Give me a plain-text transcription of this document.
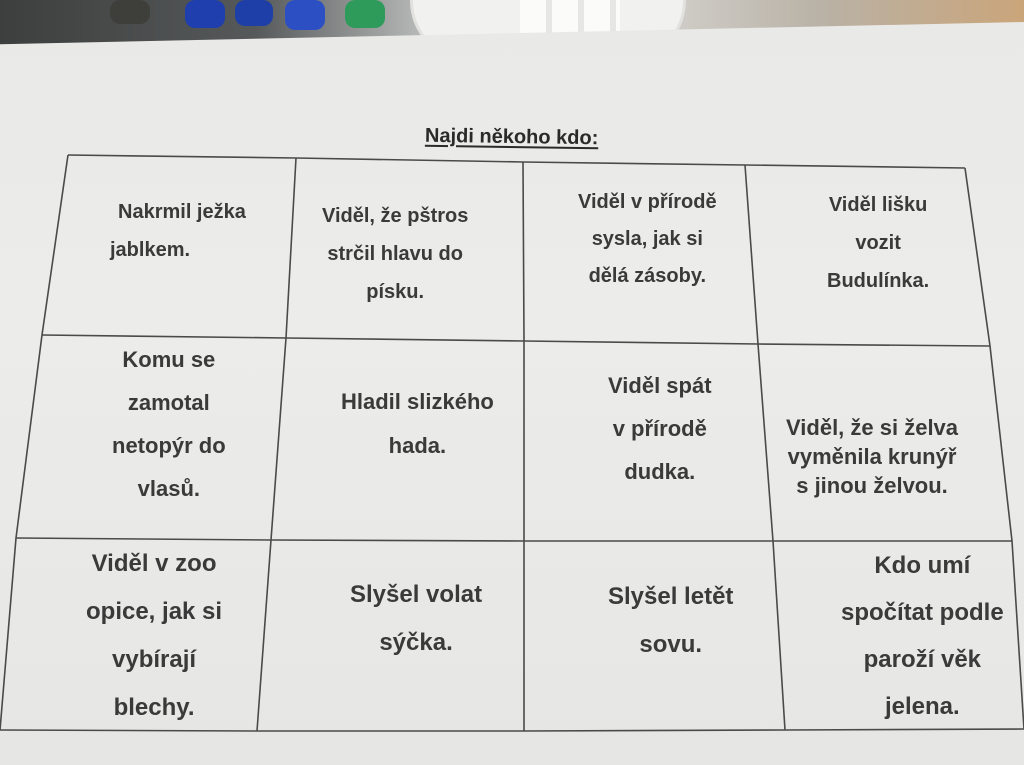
Najdi někoho kdo:
Nakrmil ježka
jablkem.
Viděl, že pštros
strčil hlavu do
písku.
Viděl v přírodě
sysla, jak si
dělá zásoby.
Viděl lišku
vozit
Budulínka.
Komu se
zamotal
netopýr do
vlasů.
Hladil slizkého
hada.
Viděl spát
v přírodě
dudka.
Viděl, že si želva
vyměnila krunýř
s jinou želvou.
Viděl v zoo
opice, jak si
vybírají
blechy.
Slyšel volat
sýčka.
Slyšel letět
sovu.
Kdo umí
spočítat podle
paroží věk
jelena.
